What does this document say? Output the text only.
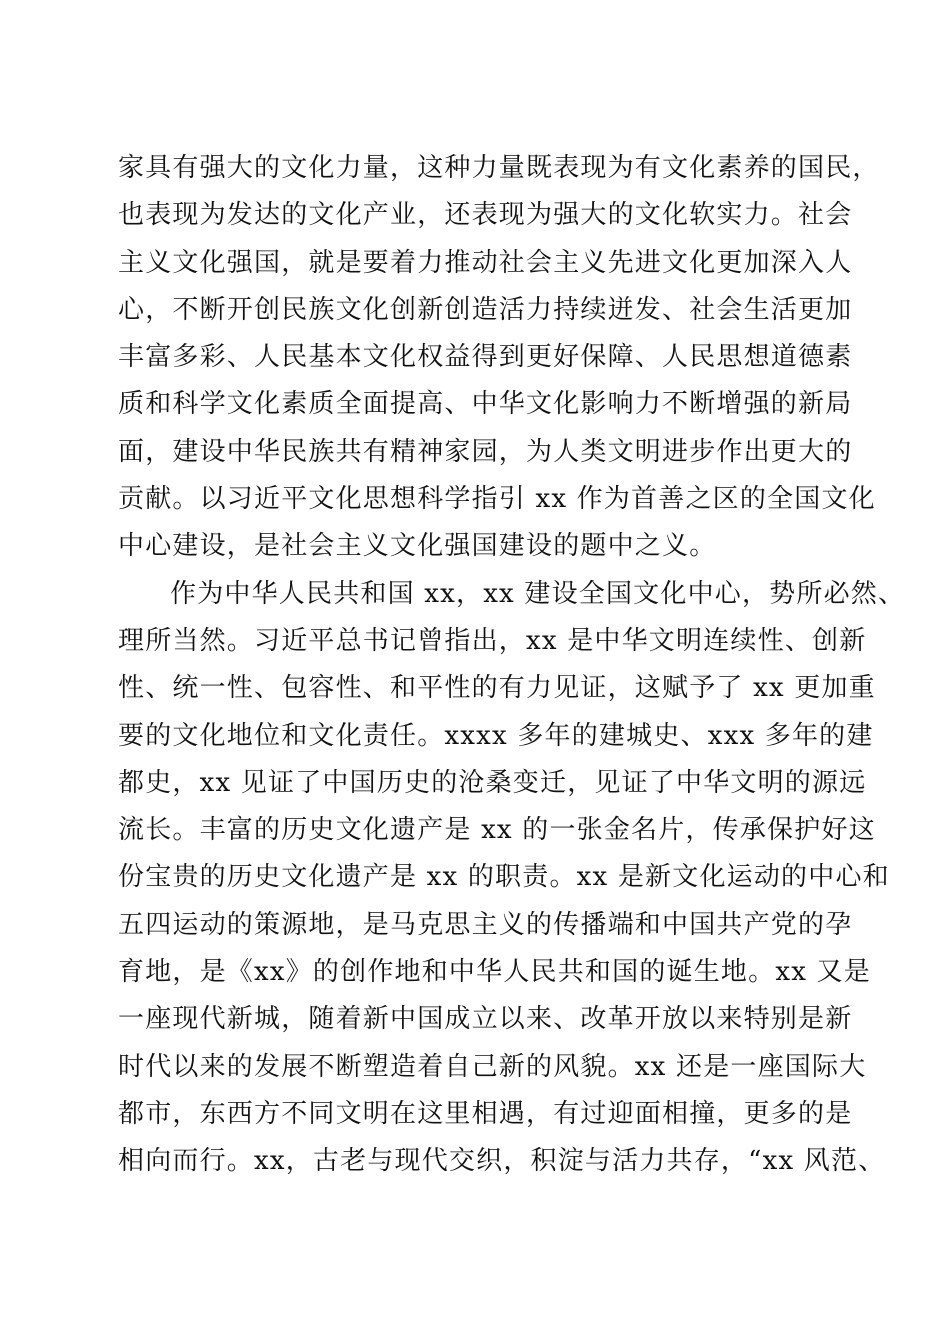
家具有强大的文化力量，这种力量既表现为有文化素养的国民，
也表现为发达的文化产业，还表现为强大的文化软实力。社会
主义文化强国，就是要着力推动社会主义先进文化更加深入人
心，不断开创民族文化创新创造活力持续迸发、社会生活更加
丰富多彩、人民基本文化权益得到更好保障、人民思想道德素
质和科学文化素质全面提高、中华文化影响力不断增强的新局
面，建设中华民族共有精神家园，为人类文明进步作出更大的
贡献。以习近平文化思想科学指引 xx 作为首善之区的全国文化
中心建设，是社会主义文化强国建设的题中之义。
作为中华人民共和国 xx，xx 建设全国文化中心，势所必然、
理所当然。习近平总书记曾指出，xx 是中华文明连续性、创新
性、统一性、包容性、和平性的有力见证，这赋予了 xx 更加重
要的文化地位和文化责任。xxxx 多年的建城史、xxx 多年的建
都史，xx 见证了中国历史的沧桑变迁，见证了中华文明的源远
流长。丰富的历史文化遗产是 xx 的一张金名片，传承保护好这
份宝贵的历史文化遗产是 xx 的职责。xx 是新文化运动的中心和
五四运动的策源地，是马克思主义的传播端和中国共产党的孕
育地，是《xx》的创作地和中华人民共和国的诞生地。xx 又是
一座现代新城，随着新中国成立以来、改革开放以来特别是新
时代以来的发展不断塑造着自己新的风貌。xx 还是一座国际大
都市，东西方不同文明在这里相遇，有过迎面相撞，更多的是
相向而行。xx，古老与现代交织，积淀与活力共存，“xx 风范、
